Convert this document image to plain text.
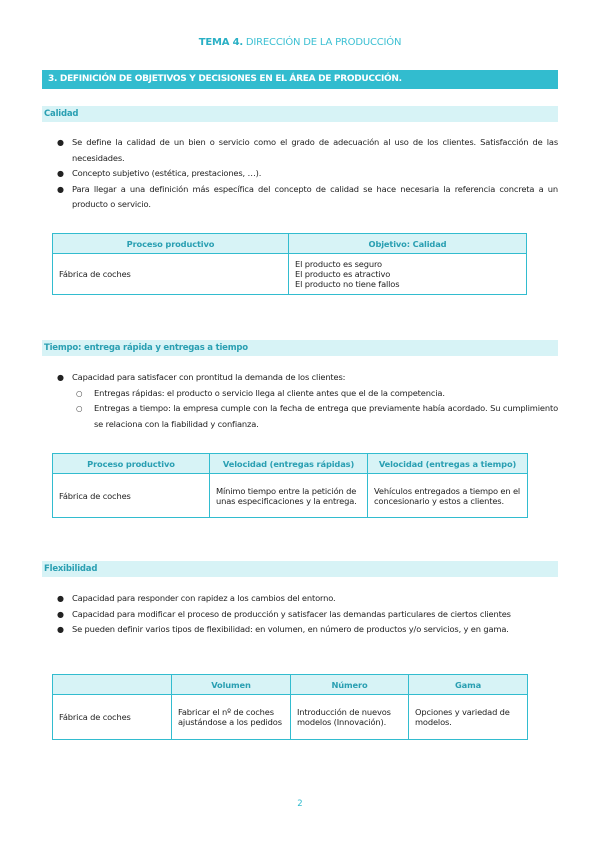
TEMA 4. DIRECCIÓN DE LA PRODUCCIÓN
3. DEFINICIÓN DE OBJETIVOS Y DECISIONES EN EL ÁREA DE PRODUCCIÓN.
Calidad
● Se define la calidad de un bien o servicio como el grado de adecuación al uso de los clientes. Satisfacción de las necesidades.
● Concepto subjetivo (estética, prestaciones, …).
● Para llegar a una definición más específica del concepto de calidad se hace necesaria la referencia concreta a un producto o servicio.
Proceso productivo	Objetivo: Calidad
Fábrica de coches	El producto es seguro
El producto es atractivo
El producto no tiene fallos
Tiempo: entrega rápida y entregas a tiempo
● Capacidad para satisfacer con prontitud la demanda de los clientes:
○ Entregas rápidas: el producto o servicio llega al cliente antes que el de la competencia.
○ Entregas a tiempo: la empresa cumple con la fecha de entrega que previamente había acordado. Su cumplimiento se relaciona con la fiabilidad y confianza.
Proceso productivo	Velocidad (entregas rápidas)	Velocidad (entregas a tiempo)
Fábrica de coches	Mínimo tiempo entre la petición de unas especificaciones y la entrega.	Vehículos entregados a tiempo en el concesionario y estos a clientes.
Flexibilidad
● Capacidad para responder con rapidez a los cambios del entorno.
● Capacidad para modificar el proceso de producción y satisfacer las demandas particulares de ciertos clientes
● Se pueden definir varios tipos de flexibilidad: en volumen, en número de productos y/o servicios, y en gama.
	Volumen	Número	Gama
Fábrica de coches	Fabricar el nº de coches ajustándose a los pedidos	Introducción de nuevos modelos (Innovación).	Opciones y variedad de modelos.
2
